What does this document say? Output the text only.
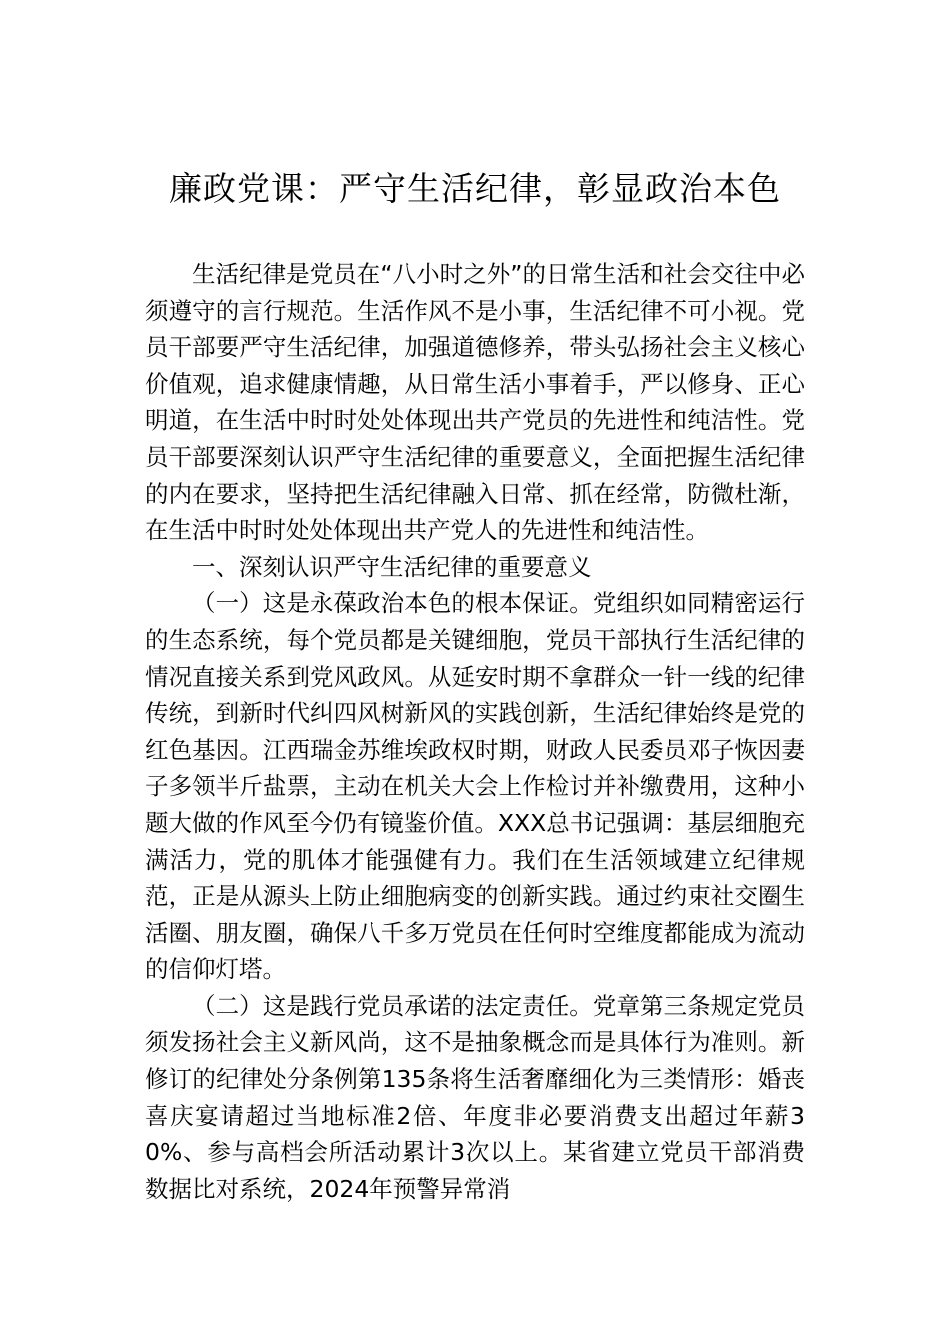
廉政党课：严守生活纪律，彰显政治本色

生活纪律是党员在“八小时之外”的日常生活和社会交往中必须遵守的言行规范。生活作风不是小事，生活纪律不可小视。党员干部要严守生活纪律，加强道德修养，带头弘扬社会主义核心价值观，追求健康情趣，从日常生活小事着手，严以修身、正心明道，在生活中时时处处体现出共产党员的先进性和纯洁性。党员干部要深刻认识严守生活纪律的重要意义，全面把握生活纪律的内在要求，坚持把生活纪律融入日常、抓在经常，防微杜渐，在生活中时时处处体现出共产党人的先进性和纯洁性。

一、深刻认识严守生活纪律的重要意义

（一）这是永葆政治本色的根本保证。党组织如同精密运行的生态系统，每个党员都是关键细胞，党员干部执行生活纪律的情况直接关系到党风政风。从延安时期不拿群众一针一线的纪律传统，到新时代纠四风树新风的实践创新，生活纪律始终是党的红色基因。江西瑞金苏维埃政权时期，财政人民委员邓子恢因妻子多领半斤盐票，主动在机关大会上作检讨并补缴费用，这种小题大做的作风至今仍有镜鉴价值。XXX总书记强调：基层细胞充满活力，党的肌体才能强健有力。我们在生活领域建立纪律规范，正是从源头上防止细胞病变的创新实践。通过约束社交圈生活圈、朋友圈，确保八千多万党员在任何时空维度都能成为流动的信仰灯塔。

（二）这是践行党员承诺的法定责任。党章第三条规定党员须发扬社会主义新风尚，这不是抽象概念而是具体行为准则。新修订的纪律处分条例第135条将生活奢靡细化为三类情形：婚丧喜庆宴请超过当地标准2倍、年度非必要消费支出超过年薪30%、参与高档会所活动累计3次以上。某省建立党员干部消费数据比对系统，2024年预警异常消
